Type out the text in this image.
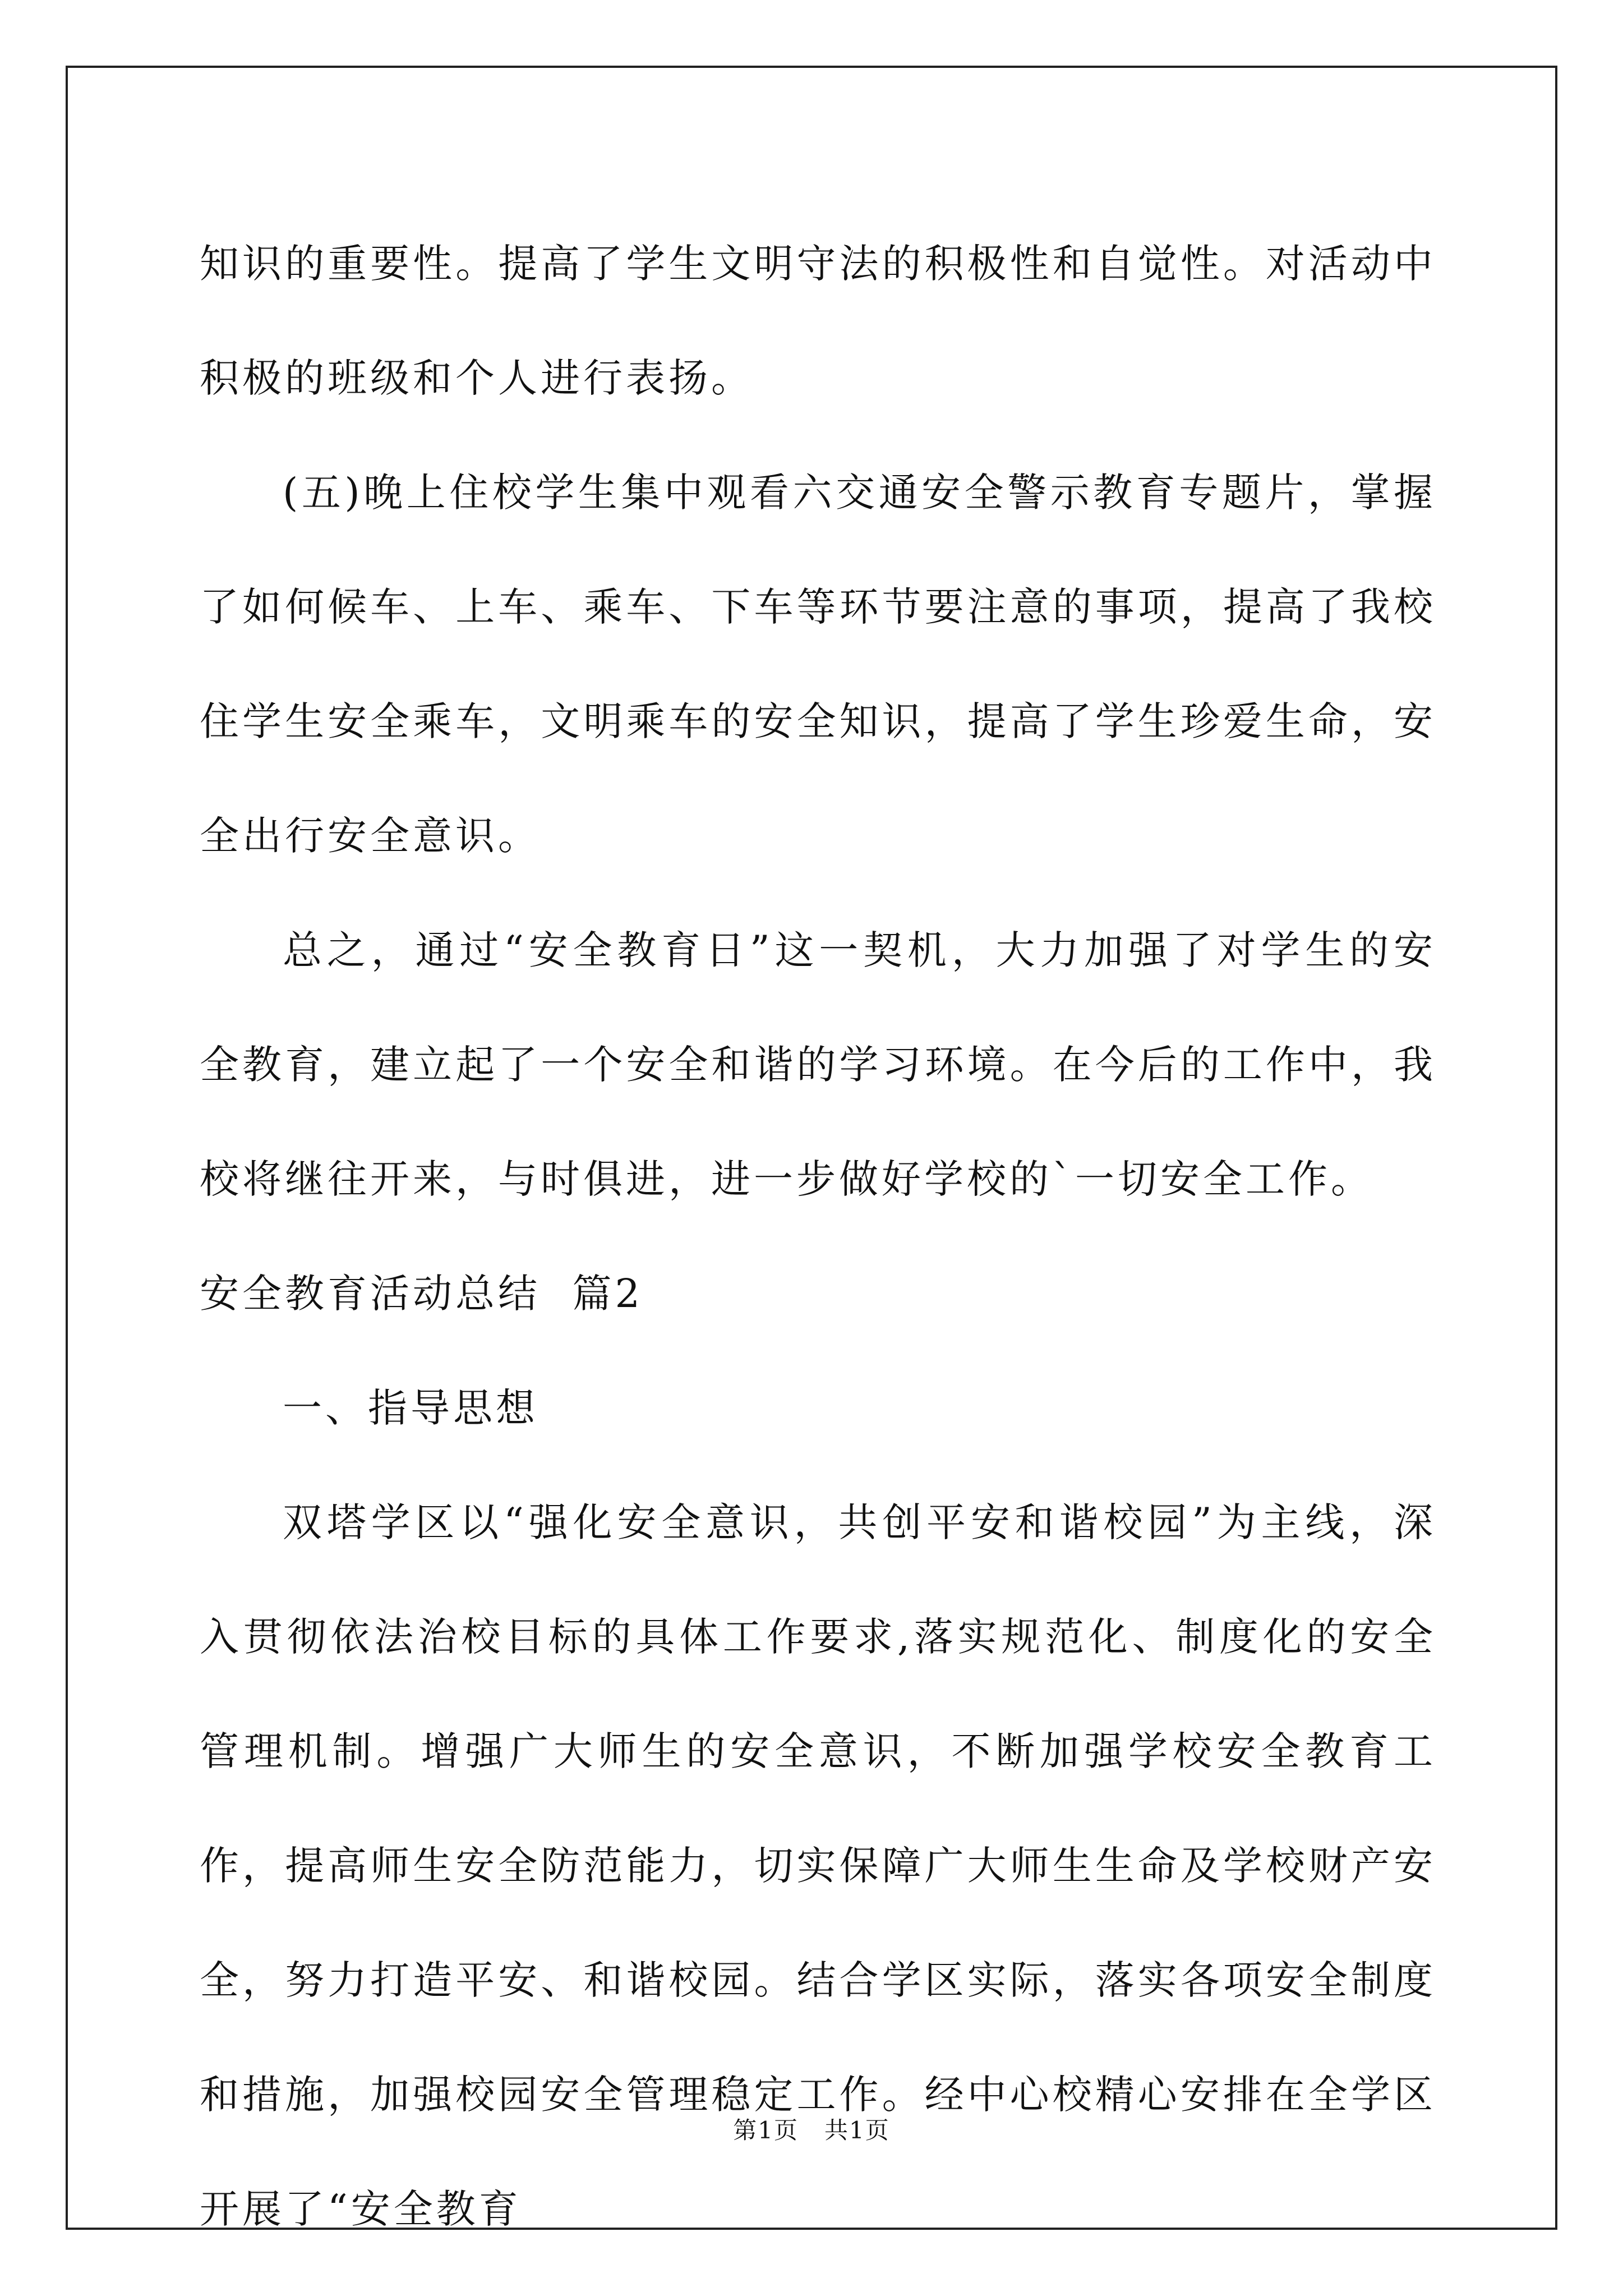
知识的重要性。提高了学生文明守法的积极性和自觉性。对活动中积极的班级和个人进行表扬。

(五)晚上住校学生集中观看六交通安全警示教育专题片，掌握了如何候车、上车、乘车、下车等环节要注意的事项，提高了我校住学生安全乘车，文明乘车的安全知识，提高了学生珍爱生命，安全出行安全意识。

总之，通过“安全教育日”这一契机，大力加强了对学生的安全教育，建立起了一个安全和谐的学习环境。在今后的工作中，我校将继往开来，与时俱进，进一步做好学校的`一切安全工作。

安全教育活动总结  篇2

一、指导思想

双塔学区以“强化安全意识，共创平安和谐校园”为主线，深入贯彻依法治校目标的具体工作要求,落实规范化、制度化的安全管理机制。增强广大师生的安全意识，不断加强学校安全教育工作，提高师生安全防范能力，切实保障广大师生生命及学校财产安全，努力打造平安、和谐校园。结合学区实际，落实各项安全制度和措施，加强校园安全管理稳定工作。经中心校精心安排在全学区开展了“安全教育

第1页   共1页
